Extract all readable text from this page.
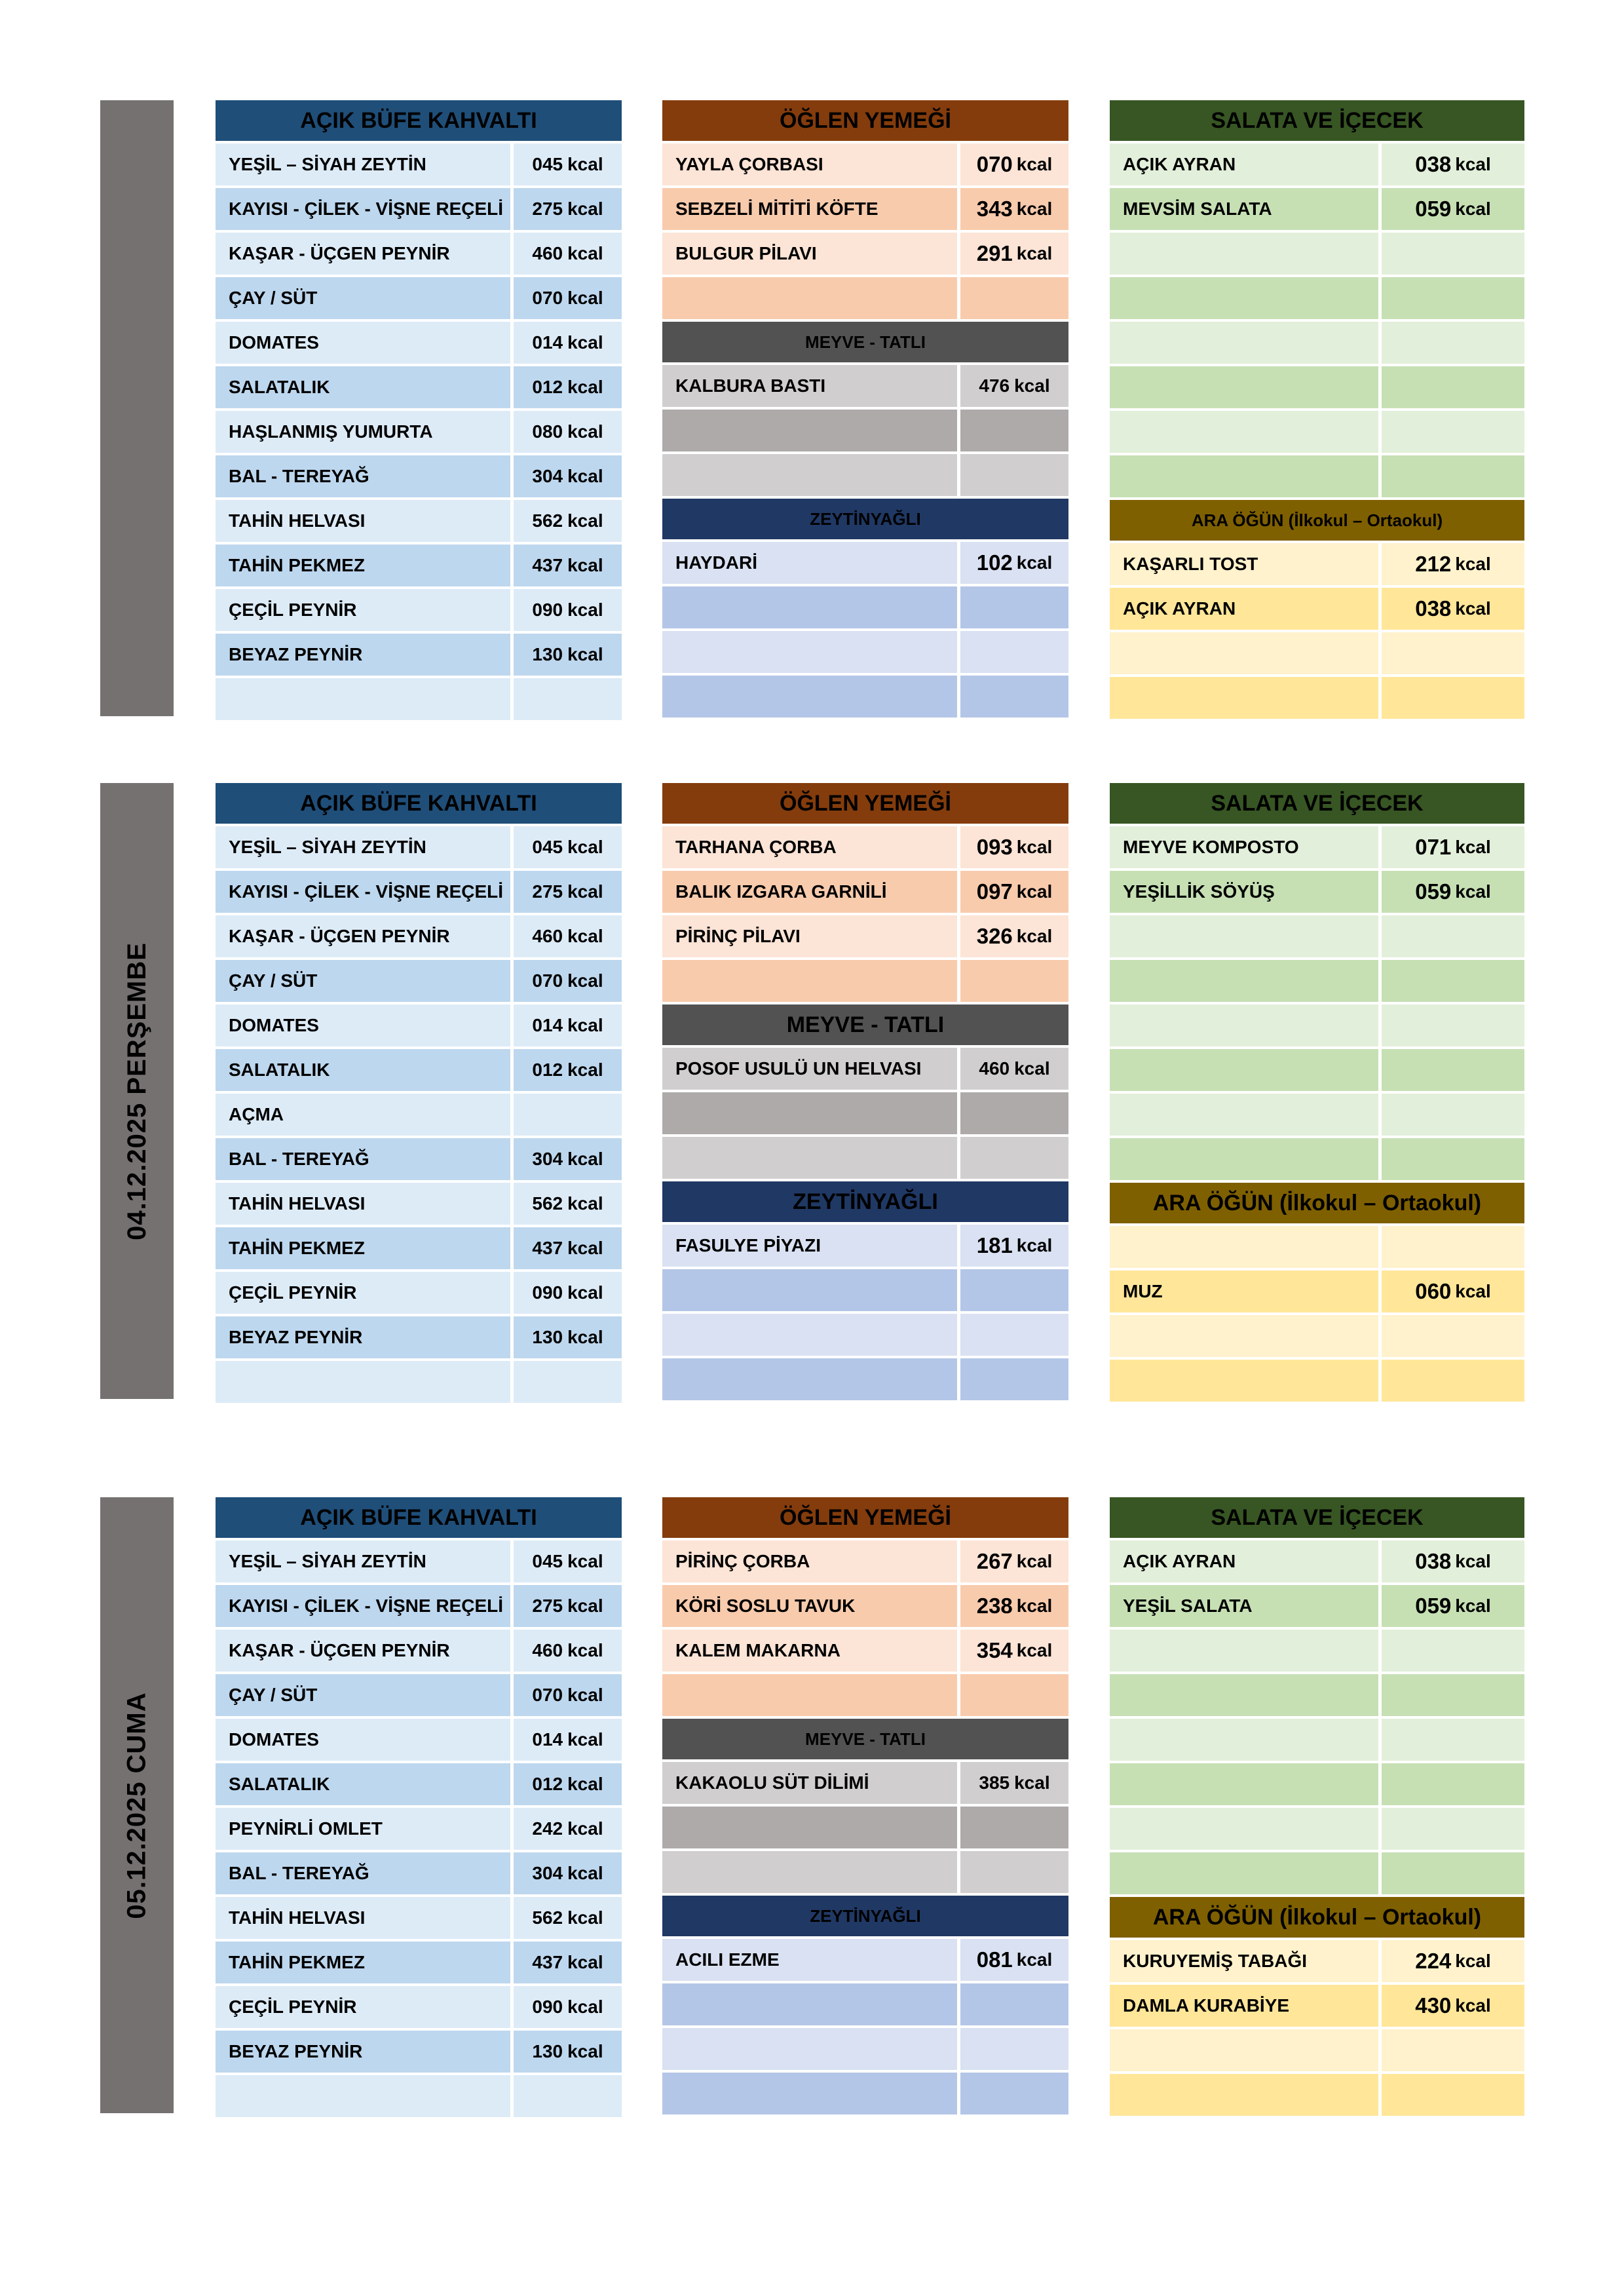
AÇIK BÜFE KAHVALTI
YEŞİL – SİYAH ZEYTİN	045 kcal
KAYISI - ÇİLEK - VİŞNE REÇELİ	275 kcal
KAŞAR - ÜÇGEN PEYNİR	460 kcal
ÇAY / SÜT	070 kcal
DOMATES	014 kcal
SALATALIK	012 kcal
HAŞLANMIŞ YUMURTA	080 kcal
BAL - TEREYAĞ	304 kcal
TAHİN HELVASI	562 kcal
TAHİN PEKMEZ	437 kcal
ÇEÇİL PEYNİR	090 kcal
BEYAZ PEYNİR	130 kcal
ÖĞLEN YEMEĞİ
YAYLA ÇORBASI	070 kcal
SEBZELİ MİTİTİ KÖFTE	343 kcal
BULGUR PİLAVI	291 kcal
MEYVE - TATLI
KALBURA BASTI	476 kcal
ZEYTİNYAĞLI
HAYDARİ	102 kcal
SALATA VE İÇECEK
AÇIK AYRAN	038 kcal
MEVSİM SALATA	059 kcal
ARA ÖĞÜN (İlkokul – Ortaokul)
KAŞARLI TOST	212 kcal
AÇIK AYRAN	038 kcal
04.12.2025 PERŞEMBE
AÇIK BÜFE KAHVALTI
YEŞİL – SİYAH ZEYTİN	045 kcal
KAYISI - ÇİLEK - VİŞNE REÇELİ	275 kcal
KAŞAR - ÜÇGEN PEYNİR	460 kcal
ÇAY / SÜT	070 kcal
DOMATES	014 kcal
SALATALIK	012 kcal
AÇMA
BAL - TEREYAĞ	304 kcal
TAHİN HELVASI	562 kcal
TAHİN PEKMEZ	437 kcal
ÇEÇİL PEYNİR	090 kcal
BEYAZ PEYNİR	130 kcal
ÖĞLEN YEMEĞİ
TARHANA ÇORBA	093 kcal
BALIK IZGARA GARNİLİ	097 kcal
PİRİNÇ PİLAVI	326 kcal
MEYVE - TATLI
POSOF USULÜ UN HELVASI	460 kcal
ZEYTİNYAĞLI
FASULYE PİYAZI	181 kcal
SALATA VE İÇECEK
MEYVE KOMPOSTO	071 kcal
YEŞİLLİK SÖYÜŞ	059 kcal
ARA ÖĞÜN (İlkokul – Ortaokul)
MUZ	060 kcal
05.12.2025 CUMA
AÇIK BÜFE KAHVALTI
YEŞİL – SİYAH ZEYTİN	045 kcal
KAYISI - ÇİLEK - VİŞNE REÇELİ	275 kcal
KAŞAR - ÜÇGEN PEYNİR	460 kcal
ÇAY / SÜT	070 kcal
DOMATES	014 kcal
SALATALIK	012 kcal
PEYNİRLİ OMLET	242 kcal
BAL - TEREYAĞ	304 kcal
TAHİN HELVASI	562 kcal
TAHİN PEKMEZ	437 kcal
ÇEÇİL PEYNİR	090 kcal
BEYAZ PEYNİR	130 kcal
ÖĞLEN YEMEĞİ
PİRİNÇ ÇORBA	267 kcal
KÖRİ SOSLU TAVUK	238 kcal
KALEM MAKARNA	354 kcal
MEYVE - TATLI
KAKAOLU SÜT DİLİMİ	385 kcal
ZEYTİNYAĞLI
ACILI EZME	081 kcal
SALATA VE İÇECEK
AÇIK AYRAN	038 kcal
YEŞİL SALATA	059 kcal
ARA ÖĞÜN (İlkokul – Ortaokul)
KURUYEMİŞ TABAĞI	224 kcal
DAMLA KURABİYE	430 kcal
